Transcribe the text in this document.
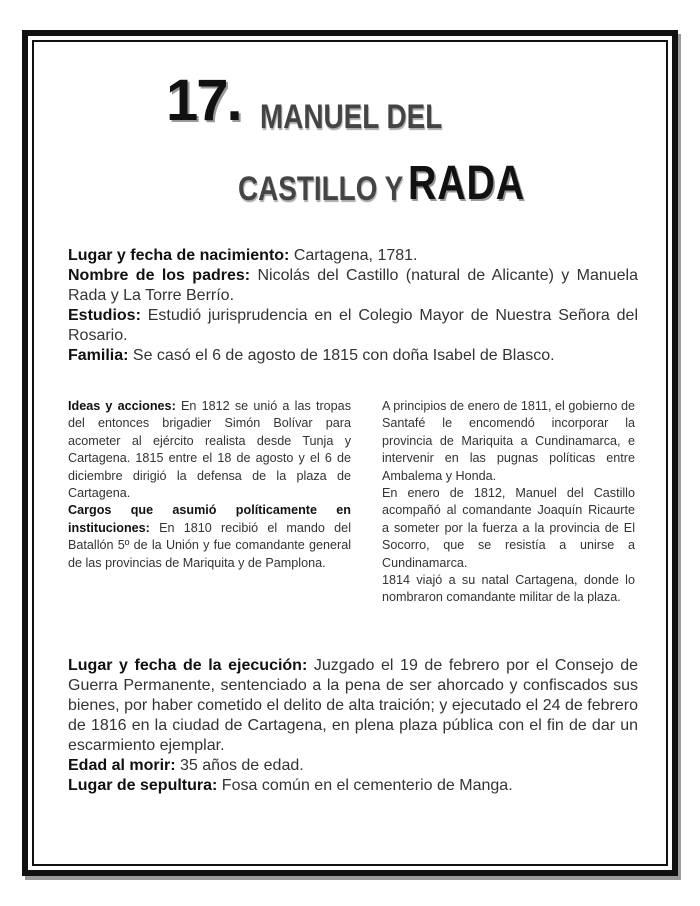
17. MANUEL DEL
CASTILLO Y RADA

Lugar y fecha de nacimiento: Cartagena, 1781.

Nombre de los padres: Nicolás del Castillo (natural de Alicante) y Manuela Rada y La Torre Berrío.

Estudios: Estudió jurisprudencia en el Colegio Mayor de Nuestra Señora del Rosario.

Familia: Se casó el 6 de agosto de 1815 con doña Isabel de Blasco.

Ideas y acciones: En 1812 se unió a las tropas del entonces brigadier Simón Bolívar para acometer al ejército realista desde Tunja y Cartagena. 1815 entre el 18 de agosto y el 6 de diciembre dirigió la defensa de la plaza de Cartagena.

Cargos que asumió políticamente en instituciones: En 1810 recibió el mando del Batallón 5º de la Unión y fue comandante general de las provincias de Mariquita y de Pamplona.

A principios de enero de 1811, el gobierno de Santafé le encomendó incorporar la provincia de Mariquita a Cundinamarca, e intervenir en las pugnas políticas entre Ambalema y Honda.

En enero de 1812, Manuel del Castillo acompañó al comandante Joaquín Ricaurte a someter por la fuerza a la provincia de El Socorro, que se resistía a unirse a Cundinamarca.

1814 viajó a su natal Cartagena, donde lo nombraron comandante militar de la plaza.

Lugar y fecha de la ejecución: Juzgado el 19 de febrero por el Consejo de Guerra Permanente, sentenciado a la pena de ser ahorcado y confiscados sus bienes, por haber cometido el delito de alta traición; y ejecutado el 24 de febrero de 1816 en la ciudad de Cartagena, en plena plaza pública con el fin de dar un escarmiento ejemplar.

Edad al morir: 35 años de edad.

Lugar de sepultura: Fosa común en el cementerio de Manga.
